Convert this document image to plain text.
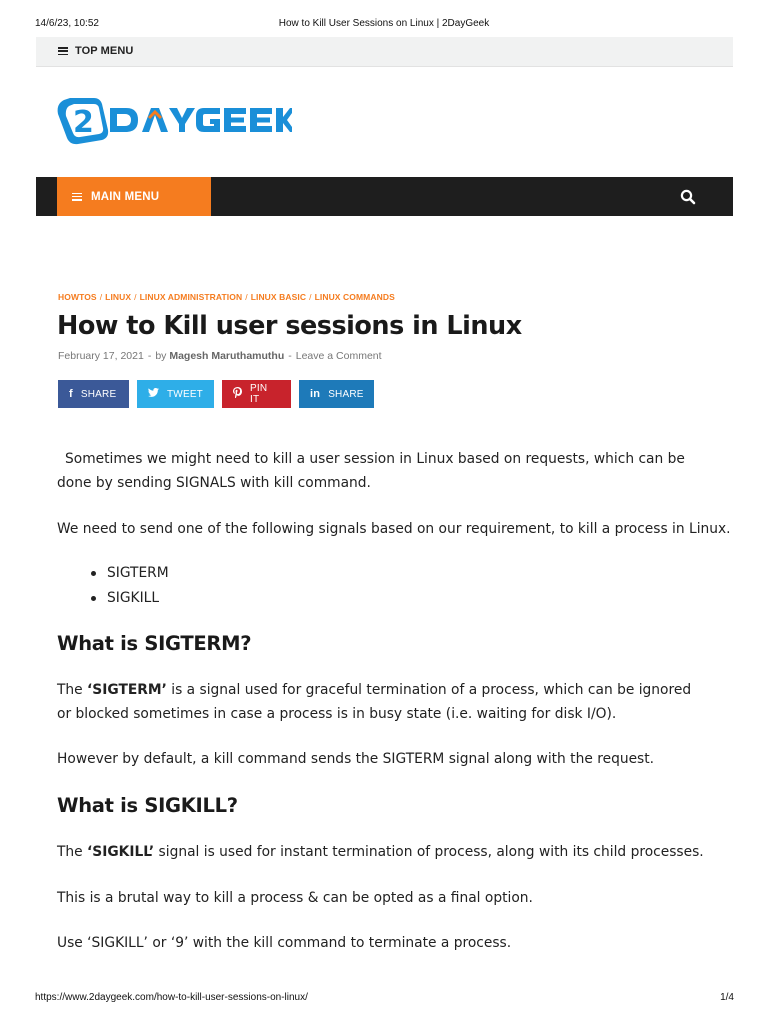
14/6/23, 10:52	How to Kill User Sessions on Linux | 2DayGeek
TOP MENU
2
MAIN MENU
HOWTOS / LINUX / LINUX ADMINISTRATION / LINUX BASIC / LINUX COMMANDS
How to Kill user sessions in Linux
February 17, 2021 - by Magesh Maruthamuthu - Leave a Comment
f SHARE	TWEET	PIN IT	in SHARE

Sometimes we might need to kill a user session in Linux based on requests, which can be done by sending SIGNALS with kill command.

We need to send one of the following signals based on our requirement, to kill a process in Linux.

SIGTERM
SIGKILL
What is SIGTERM?

The ‘SIGTERM’ is a signal used for graceful termination of a process, which can be ignored or blocked sometimes in case a process is in busy state (i.e. waiting for disk I/O).

However by default, a kill command sends the SIGTERM signal along with the request.

What is SIGKILL?

The ‘SIGKILL’ signal is used for instant termination of process, along with its child processes.

This is a brutal way to kill a process & can be opted as a final option.

Use ‘SIGKILL’ or ‘9’ with the kill command to terminate a process.

https://www.2daygeek.com/how-to-kill-user-sessions-on-linux/	1/4
